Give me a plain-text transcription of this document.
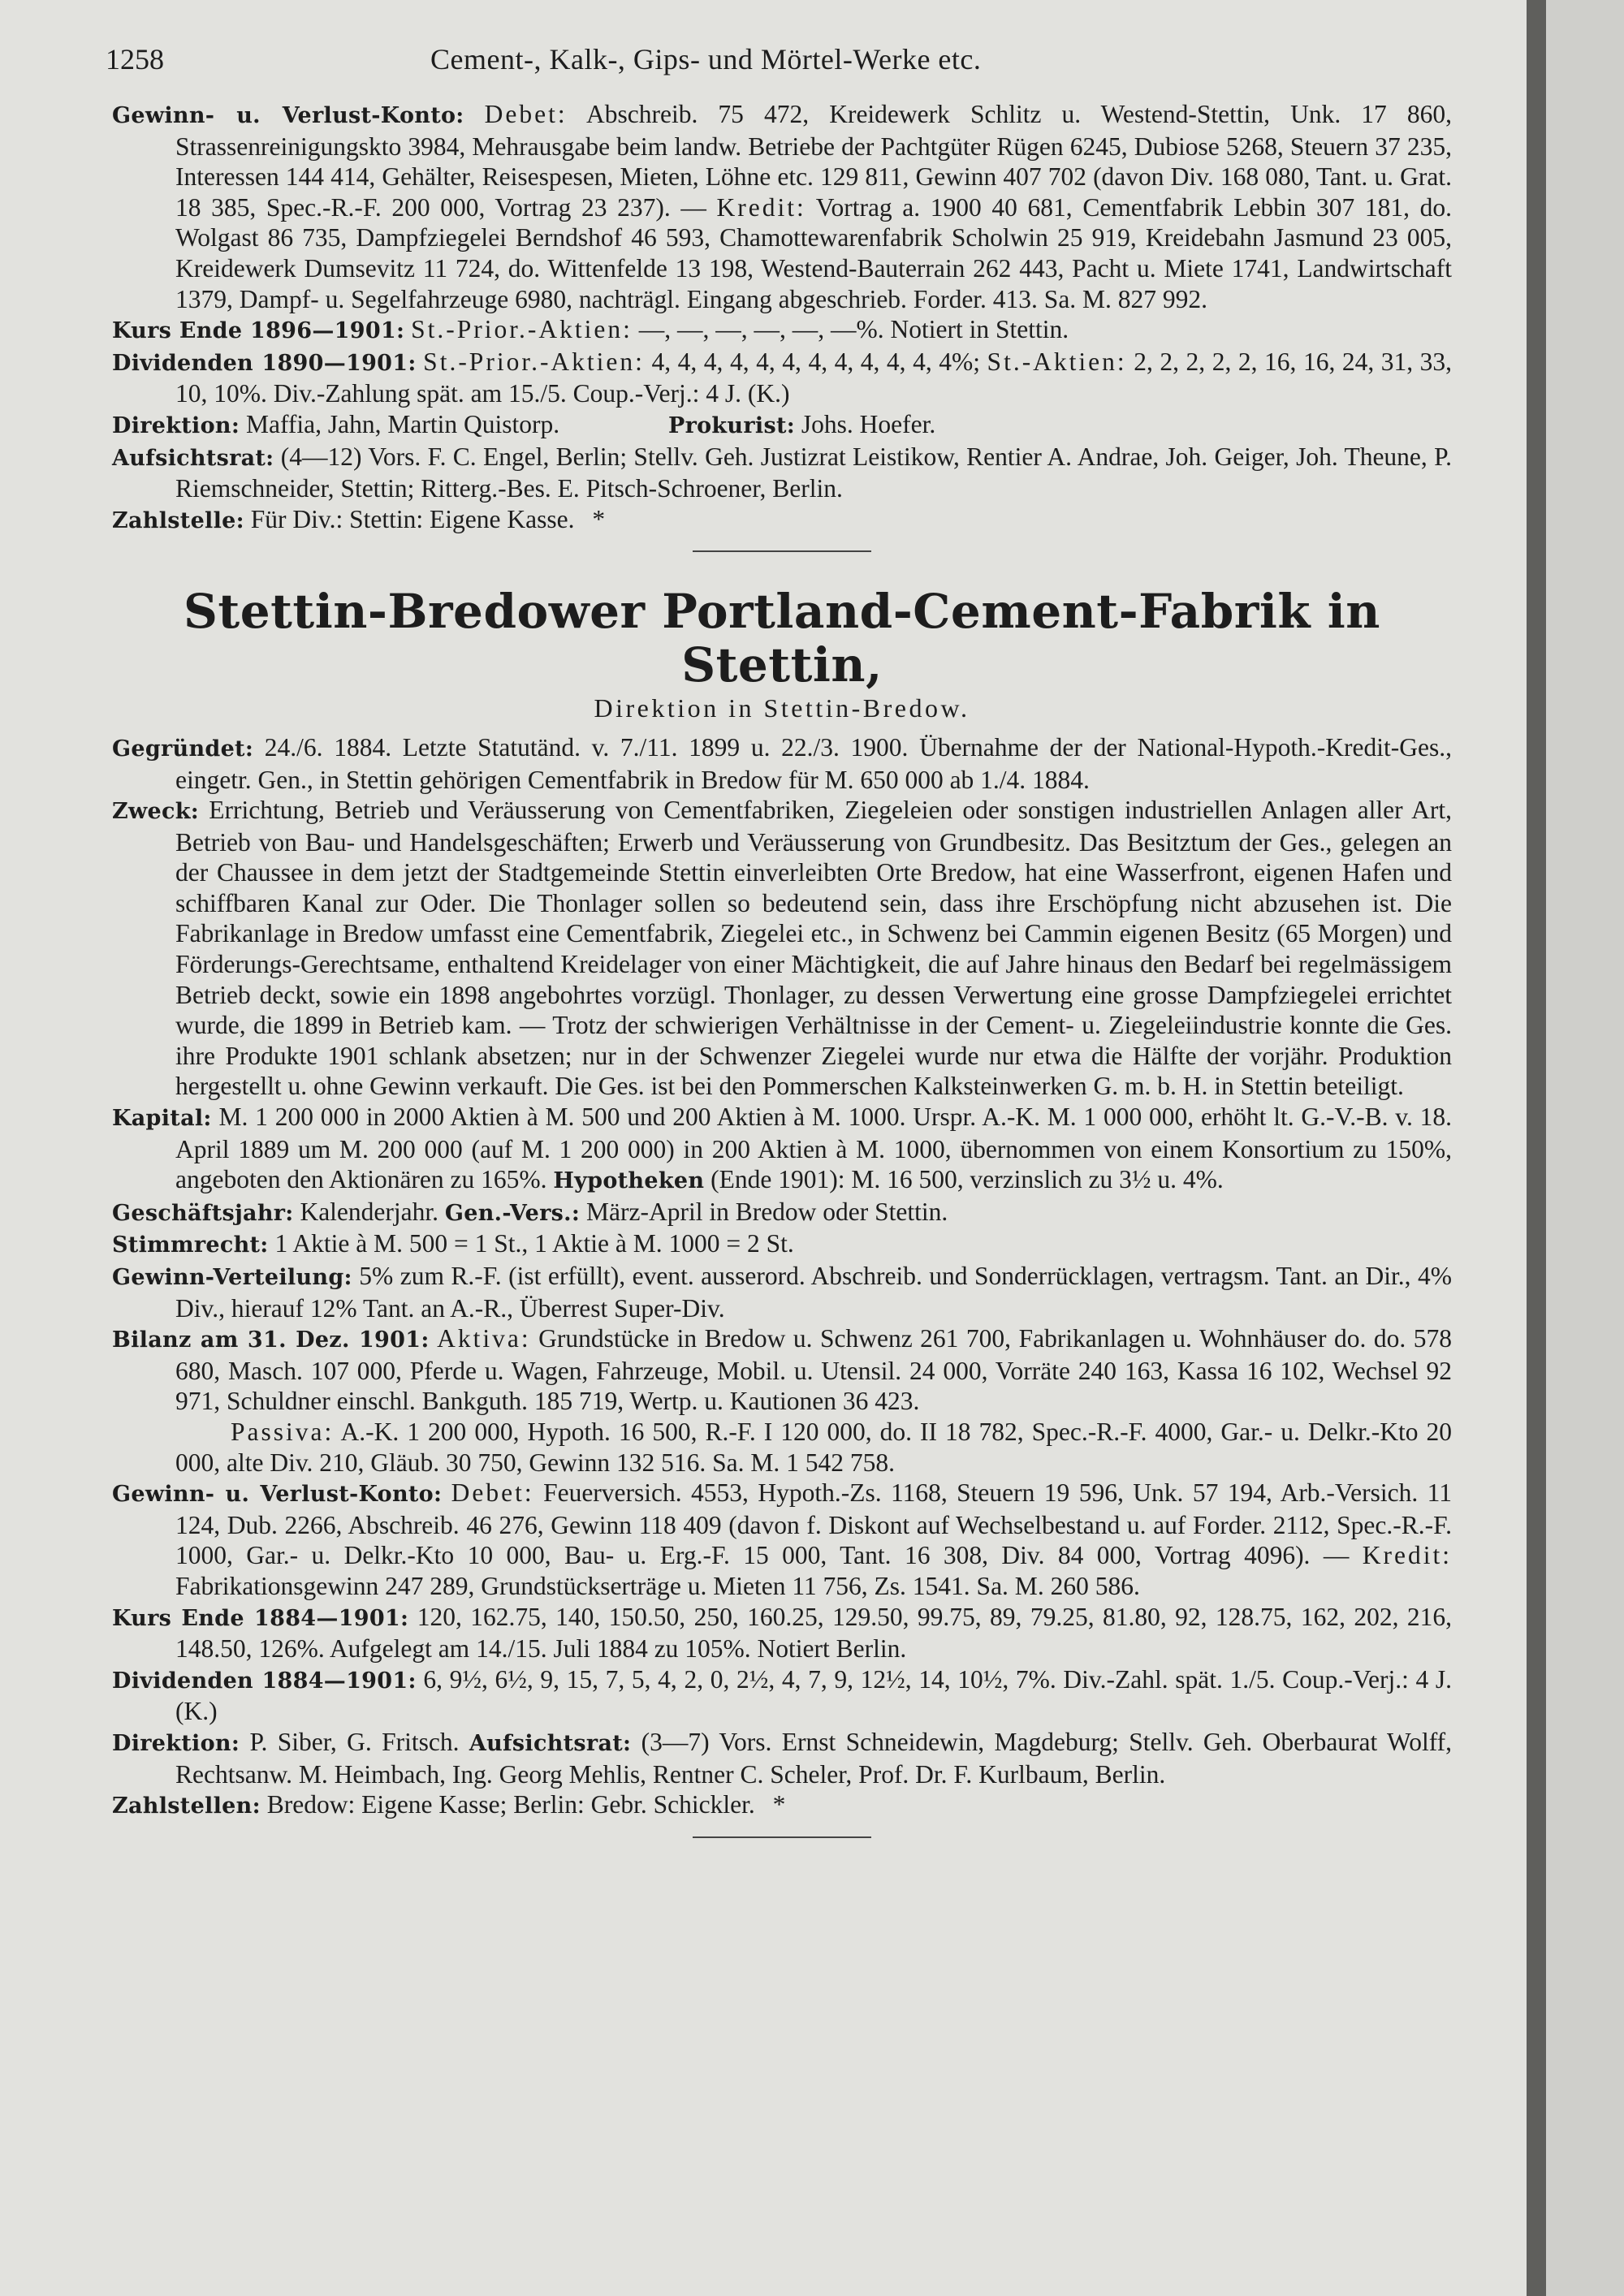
1258	Cement-, Kalk-, Gips- und Mörtel-Werke etc.

Gewinn- u. Verlust-Konto: Debet: Abschreib. 75 472, Kreidewerk Schlitz u. Westend-Stettin, Unk. 17 860, Strassenreinigungskto 3984, Mehrausgabe beim landw. Betriebe der Pachtgüter Rügen 6245, Dubiose 5268, Steuern 37 235, Interessen 144 414, Gehälter, Reisespesen, Mieten, Löhne etc. 129 811, Gewinn 407 702 (davon Div. 168 080, Tant. u. Grat. 18 385, Spec.-R.-F. 200 000, Vortrag 23 237). — Kredit: Vortrag a. 1900 40 681, Cementfabrik Lebbin 307 181, do. Wolgast 86 735, Dampfziegelei Berndshof 46 593, Chamottewarenfabrik Scholwin 25 919, Kreidebahn Jasmund 23 005, Kreidewerk Dumsevitz 11 724, do. Wittenfelde 13 198, Westend-Bauterrain 262 443, Pacht u. Miete 1741, Landwirtschaft 1379, Dampf- u. Segelfahrzeuge 6980, nachträgl. Eingang abgeschrieb. Forder. 413. Sa. M. 827 992.

Kurs Ende 1896—1901: St.-Prior.-Aktien: —, —, —, —, —, —%. Notiert in Stettin.

Dividenden 1890—1901: St.-Prior.-Aktien: 4, 4, 4, 4, 4, 4, 4, 4, 4, 4, 4, 4%; St.-Aktien: 2, 2, 2, 2, 2, 16, 16, 24, 31, 33, 10, 10%. Div.-Zahlung spät. am 15./5. Coup.-Verj.: 4 J. (K.)

Direktion: Maffia, Jahn, Martin Quistorp.	Prokurist: Johs. Hoefer.

Aufsichtsrat: (4—12) Vors. F. C. Engel, Berlin; Stellv. Geh. Justizrat Leistikow, Rentier A. Andrae, Joh. Geiger, Joh. Theune, P. Riemschneider, Stettin; Ritterg.-Bes. E. Pitsch-Schroener, Berlin.

Zahlstelle: Für Div.: Stettin: Eigene Kasse. *

Stettin-Bredower Portland-Cement-Fabrik in Stettin,
Direktion in Stettin-Bredow.

Gegründet: 24./6. 1884. Letzte Statutänd. v. 7./11. 1899 u. 22./3. 1900. Übernahme der der National-Hypoth.-Kredit-Ges., eingetr. Gen., in Stettin gehörigen Cementfabrik in Bredow für M. 650 000 ab 1./4. 1884.

Zweck: Errichtung, Betrieb und Veräusserung von Cementfabriken, Ziegeleien oder sonstigen industriellen Anlagen aller Art, Betrieb von Bau- und Handelsgeschäften; Erwerb und Veräusserung von Grundbesitz. Das Besitztum der Ges., gelegen an der Chaussee in dem jetzt der Stadtgemeinde Stettin einverleibten Orte Bredow, hat eine Wasserfront, eigenen Hafen und schiffbaren Kanal zur Oder. Die Thonlager sollen so bedeutend sein, dass ihre Erschöpfung nicht abzusehen ist. Die Fabrikanlage in Bredow umfasst eine Cementfabrik, Ziegelei etc., in Schwenz bei Cammin eigenen Besitz (65 Morgen) und Förderungs-Gerechtsame, enthaltend Kreidelager von einer Mächtigkeit, die auf Jahre hinaus den Bedarf bei regelmässigem Betrieb deckt, sowie ein 1898 angebohrtes vorzügl. Thonlager, zu dessen Verwertung eine grosse Dampfziegelei errichtet wurde, die 1899 in Betrieb kam. — Trotz der schwierigen Verhältnisse in der Cement- u. Ziegeleiindustrie konnte die Ges. ihre Produkte 1901 schlank absetzen; nur in der Schwenzer Ziegelei wurde nur etwa die Hälfte der vorjähr. Produktion hergestellt u. ohne Gewinn verkauft. Die Ges. ist bei den Pommerschen Kalksteinwerken G. m. b. H. in Stettin beteiligt.

Kapital: M. 1 200 000 in 2000 Aktien à M. 500 und 200 Aktien à M. 1000. Urspr. A.-K. M. 1 000 000, erhöht lt. G.-V.-B. v. 18. April 1889 um M. 200 000 (auf M. 1 200 000) in 200 Aktien à M. 1000, übernommen von einem Konsortium zu 150%, angeboten den Aktionären zu 165%. Hypotheken (Ende 1901): M. 16 500, verzinslich zu 3½ u. 4%.

Geschäftsjahr: Kalenderjahr. Gen.-Vers.: März-April in Bredow oder Stettin.

Stimmrecht: 1 Aktie à M. 500 = 1 St., 1 Aktie à M. 1000 = 2 St.

Gewinn-Verteilung: 5% zum R.-F. (ist erfüllt), event. ausserord. Abschreib. und Sonderrücklagen, vertragsm. Tant. an Dir., 4% Div., hierauf 12% Tant. an A.-R., Überrest Super-Div.

Bilanz am 31. Dez. 1901: Aktiva: Grundstücke in Bredow u. Schwenz 261 700, Fabrikanlagen u. Wohnhäuser do. do. 578 680, Masch. 107 000, Pferde u. Wagen, Fahrzeuge, Mobil. u. Utensil. 24 000, Vorräte 240 163, Kassa 16 102, Wechsel 92 971, Schuldner einschl. Bankguth. 185 719, Wertp. u. Kautionen 36 423.

Passiva: A.-K. 1 200 000, Hypoth. 16 500, R.-F. I 120 000, do. II 18 782, Spec.-R.-F. 4000, Gar.- u. Delkr.-Kto 20 000, alte Div. 210, Gläub. 30 750, Gewinn 132 516. Sa. M. 1 542 758.

Gewinn- u. Verlust-Konto: Debet: Feuerversich. 4553, Hypoth.-Zs. 1168, Steuern 19 596, Unk. 57 194, Arb.-Versich. 11 124, Dub. 2266, Abschreib. 46 276, Gewinn 118 409 (davon f. Diskont auf Wechselbestand u. auf Forder. 2112, Spec.-R.-F. 1000, Gar.- u. Delkr.-Kto 10 000, Bau- u. Erg.-F. 15 000, Tant. 16 308, Div. 84 000, Vortrag 4096). — Kredit: Fabrikationsgewinn 247 289, Grundstückserträge u. Mieten 11 756, Zs. 1541. Sa. M. 260 586.

Kurs Ende 1884—1901: 120, 162.75, 140, 150.50, 250, 160.25, 129.50, 99.75, 89, 79.25, 81.80, 92, 128.75, 162, 202, 216, 148.50, 126%. Aufgelegt am 14./15. Juli 1884 zu 105%. Notiert Berlin.

Dividenden 1884—1901: 6, 9½, 6½, 9, 15, 7, 5, 4, 2, 0, 2½, 4, 7, 9, 12½, 14, 10½, 7%. Div.-Zahl. spät. 1./5. Coup.-Verj.: 4 J. (K.)

Direktion: P. Siber, G. Fritsch. Aufsichtsrat: (3—7) Vors. Ernst Schneidewin, Magdeburg; Stellv. Geh. Oberbaurat Wolff, Rechtsanw. M. Heimbach, Ing. Georg Mehlis, Rentner C. Scheler, Prof. Dr. F. Kurlbaum, Berlin.

Zahlstellen: Bredow: Eigene Kasse; Berlin: Gebr. Schickler. *
